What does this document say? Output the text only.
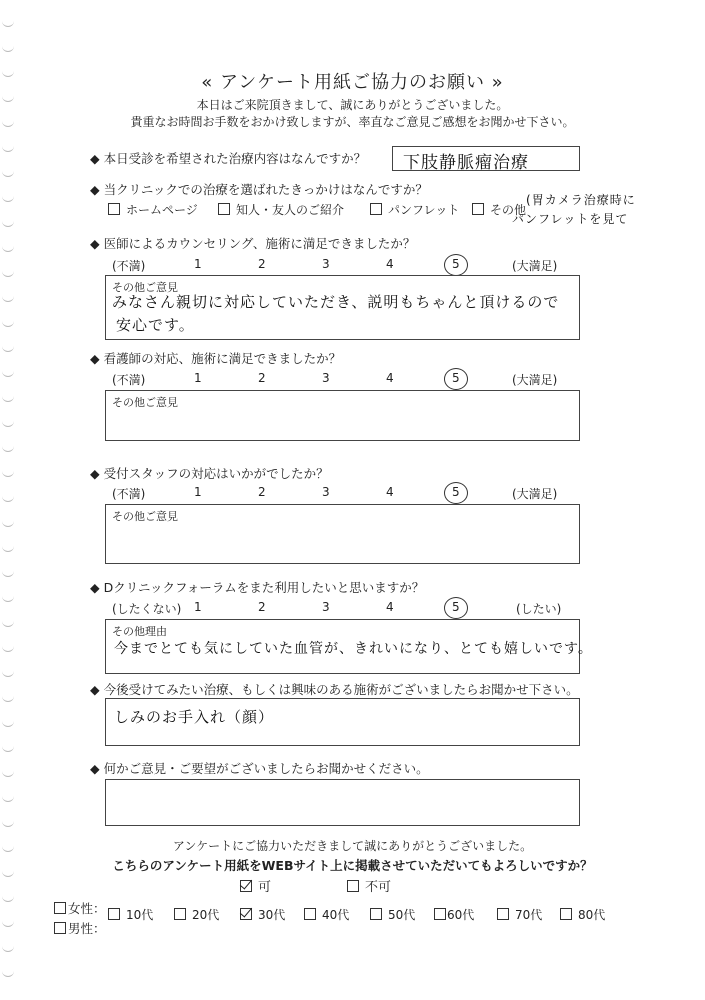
« アンケート用紙ご協力のお願い »
本日はご来院頂きまして、誠にありがとうございました。
貴重なお時間お手数をおかけ致しますが、率直なご意見ご感想をお聞かせ下さい。
◆ 本日受診を希望された治療内容はなんですか？ 下肢静脈瘤治療
◆ 当クリニックでの治療を選ばれたきっかけはなんですか？
ホームページ	知人・友人のご紹介	パンフレット	その他
(胃カメラ治療時に
パンフレットを見て
◆ 医師によるカウンセリング、施術に満足できましたか？
(不満)	1	2	3	4	5	(大満足)
その他ご意見
みなさん親切に対応していただき、説明もちゃんと頂けるので
安心です。
◆ 看護師の対応、施術に満足できましたか？
(不満)	1	2	3	4	5	(大満足)
その他ご意見
◆ 受付スタッフの対応はいかがでしたか？
(不満)	1	2	3	4	5	(大満足)
その他ご意見
◆ Dクリニックフォーラムをまた利用したいと思いますか？
(したくない) 1	2	3	4	5	(したい)
その他理由
今までとても気にしていた血管が、きれいになり、とても嬉しいです。
◆ 今後受けてみたい治療、もしくは興味のある施術がございましたらお聞かせ下さい。
しみのお手入れ（顔）
◆ 何かご意見・ご要望がございましたらお聞かせください。
アンケートにご協力いただきまして誠にありがとうございました。
こちらのアンケート用紙をWEBサイト上に掲載させていただいてもよろしいですか？
可	不可
女性：
男性：
10代	20代	30代	40代	50代	60代	70代	80代
